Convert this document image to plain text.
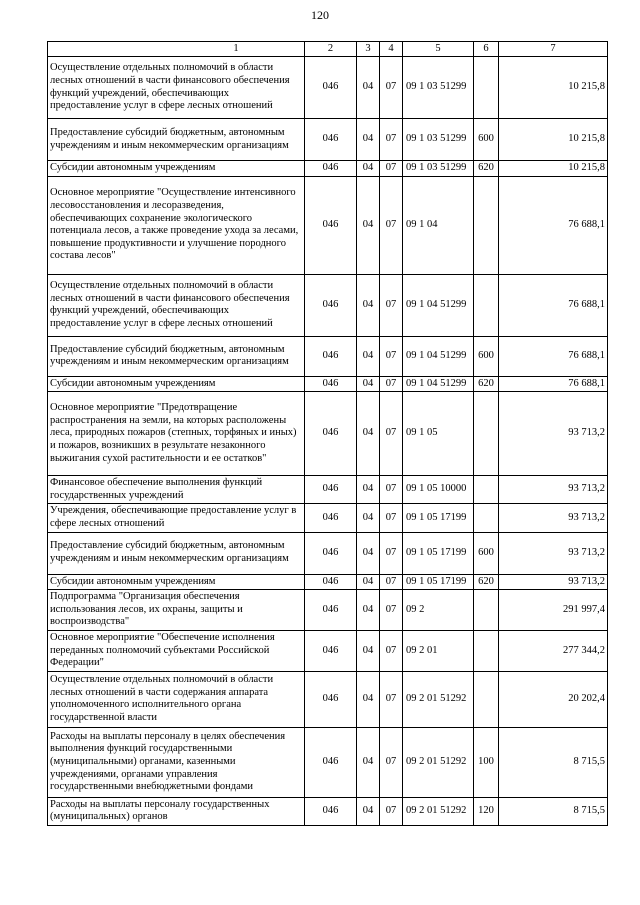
120
1	2	3	4	5	6	7
Осуществление отдельных полномочий в области лесных отношений в части финансового обеспечения функций учреждений, обеспечивающих предоставление услуг в сфере лесных отношений	046	04	07	09 1 03 51299		10 215,8
Предоставление субсидий бюджетным, автономным учреждениям и иным некоммерческим организациям	046	04	07	09 1 03 51299	600	10 215,8
Субсидии автономным учреждениям	046	04	07	09 1 03 51299	620	10 215,8
Основное мероприятие "Осуществление интенсивного лесовосстановления и лесоразведения, обеспечивающих сохранение экологического потенциала лесов, а также проведение ухода за лесами, повышение продуктивности и улучшение породного состава лесов"	046	04	07	09 1 04		76 688,1
Осуществление отдельных полномочий в области лесных отношений в части финансового обеспечения функций учреждений, обеспечивающих предоставление услуг в сфере лесных отношений	046	04	07	09 1 04 51299		76 688,1
Предоставление субсидий бюджетным, автономным учреждениям и иным некоммерческим организациям	046	04	07	09 1 04 51299	600	76 688,1
Субсидии автономным учреждениям	046	04	07	09 1 04 51299	620	76 688,1
Основное мероприятие "Предотвращение распространения на земли, на которых расположены леса, природных пожаров (степных, торфяных и иных) и пожаров, возникших в результате незаконного выжигания сухой растительности и ее остатков"	046	04	07	09 1 05		93 713,2
Финансовое обеспечение выполнения функций государственных учреждений	046	04	07	09 1 05 10000		93 713,2
Учреждения, обеспечивающие предоставление услуг в сфере лесных отношений	046	04	07	09 1 05 17199		93 713,2
Предоставление субсидий бюджетным, автономным учреждениям и иным некоммерческим организациям	046	04	07	09 1 05 17199	600	93 713,2
Субсидии автономным учреждениям	046	04	07	09 1 05 17199	620	93 713,2
Подпрограмма "Организация обеспечения использования лесов, их охраны, защиты и воспроизводства"	046	04	07	09 2		291 997,4
Основное мероприятие "Обеспечение исполнения переданных полномочий субъектами Российской Федерации"	046	04	07	09 2 01		277 344,2
Осуществление отдельных полномочий в области лесных отношений в части содержания аппарата уполномоченного исполнительного органа государственной власти	046	04	07	09 2 01 51292		20 202,4
Расходы на выплаты персоналу в целях обеспечения выполнения функций государственными (муниципальными) органами, казенными учреждениями, органами управления государственными внебюджетными фондами	046	04	07	09 2 01 51292	100	8 715,5
Расходы на выплаты персоналу государственных (муниципальных) органов	046	04	07	09 2 01 51292	120	8 715,5
